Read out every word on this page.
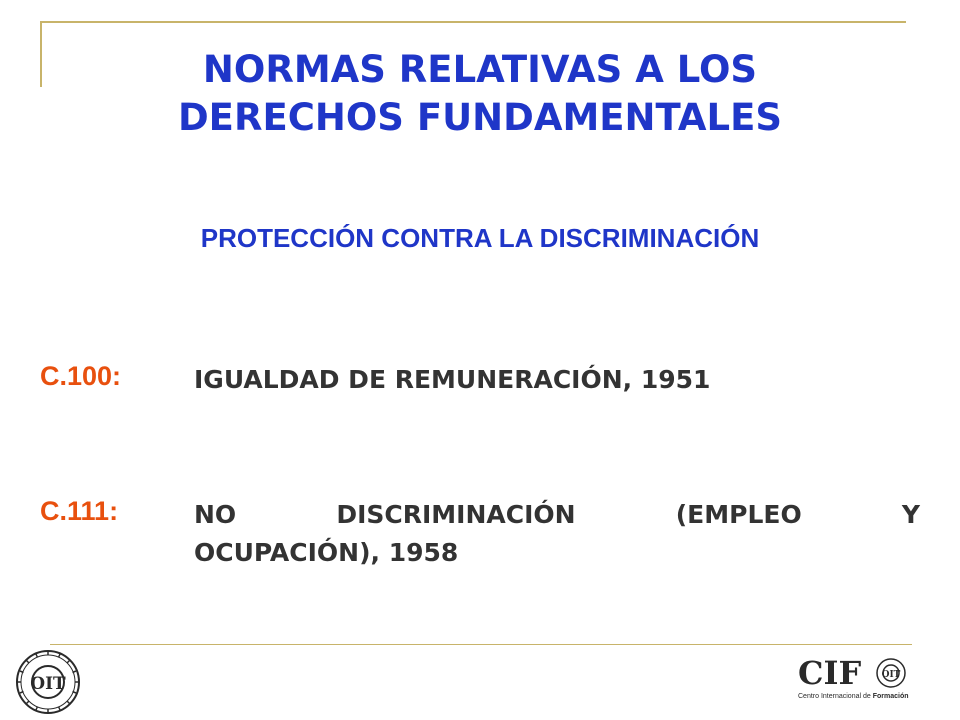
NORMAS RELATIVAS A LOS
DERECHOS FUNDAMENTALES
PROTECCIÓN CONTRA LA DISCRIMINACIÓN
C.100:	IGUALDAD DE REMUNERACIÓN, 1951
C.111:	NO DISCRIMINACIÓN (EMPLEO Y
OCUPACIÓN), 1958
OIT	CIF OIT
Centro Internacional de Formación
